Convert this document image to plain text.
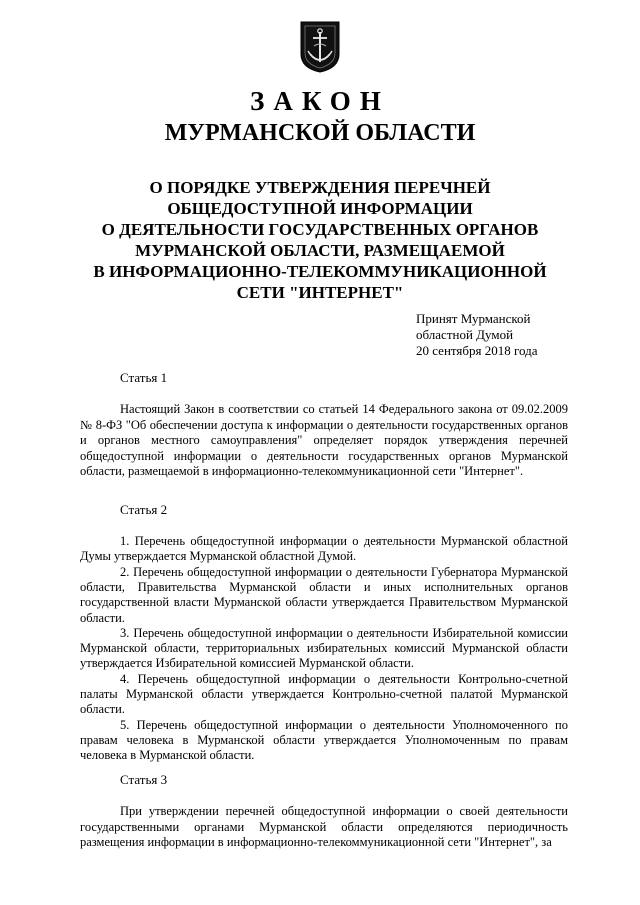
ЗАКОН
МУРМАНСКОЙ ОБЛАСТИ
О ПОРЯДКЕ УТВЕРЖДЕНИЯ ПЕРЕЧНЕЙ
ОБЩЕДОСТУПНОЙ ИНФОРМАЦИИ
О ДЕЯТЕЛЬНОСТИ ГОСУДАРСТВЕННЫХ ОРГАНОВ
МУРМАНСКОЙ ОБЛАСТИ, РАЗМЕЩАЕМОЙ
В ИНФОРМАЦИОННО-ТЕЛЕКОММУНИКАЦИОННОЙ
СЕТИ "ИНТЕРНЕТ"
Принят Мурманской
областной Думой
20 сентября 2018 года
Статья 1
Настоящий Закон в соответствии со статьей 14 Федерального закона от 09.02.2009 № 8-ФЗ "Об обеспечении доступа к информации о деятельности государственных органов и органов местного самоуправления" определяет порядок утверждения перечней общедоступной информации о деятельности государственных органов Мурманской области, размещаемой в информационно-телекоммуникационной сети "Интернет".
Статья 2
1. Перечень общедоступной информации о деятельности Мурманской областной Думы утверждается Мурманской областной Думой.
2. Перечень общедоступной информации о деятельности Губернатора Мурманской области, Правительства Мурманской области и иных исполнительных органов государственной власти Мурманской области утверждается Правительством Мурманской области.
3. Перечень общедоступной информации о деятельности Избирательной комиссии Мурманской области, территориальных избирательных комиссий Мурманской области утверждается Избирательной комиссией Мурманской области.
4. Перечень общедоступной информации о деятельности Контрольно-счетной палаты Мурманской области утверждается Контрольно-счетной палатой Мурманской области.
5. Перечень общедоступной информации о деятельности Уполномоченного по правам человека в Мурманской области утверждается Уполномоченным по правам человека в Мурманской области.
Статья 3
При утверждении перечней общедоступной информации о своей деятельности государственными органами Мурманской области определяются периодичность размещения информации в информационно-телекоммуникационной сети "Интернет", за
